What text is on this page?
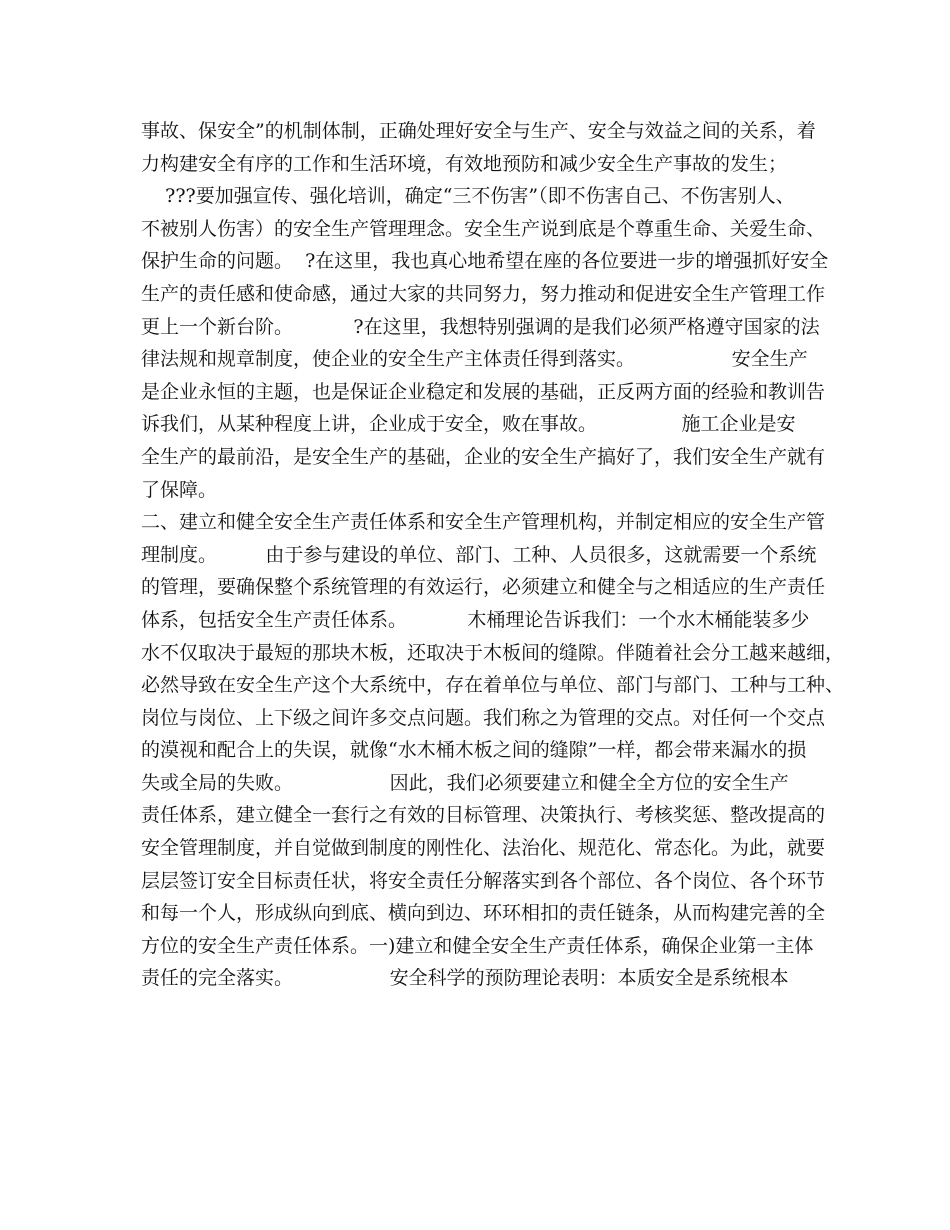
事故、保安全”的机制体制，正确处理好安全与生产、安全与效益之间的关系，着
力构建安全有序的工作和生活环境，有效地预防和减少安全生产事故的发生；
???要加强宣传、强化培训，确定“三不伤害”（即不伤害自己、不伤害别人、
不被别人伤害）的安全生产管理理念。安全生产说到底是个尊重生命、关爱生命、
保护生命的问题。  ?在这里，我也真心地希望在座的各位要进一步的增强抓好安全
生产的责任感和使命感，通过大家的共同努力，努力推动和促进安全生产管理工作
更上一个新台阶。          ?在这里，我想特别强调的是我们必须严格遵守国家的法
律法规和规章制度，使企业的安全生产主体责任得到落实。                安全生产
是企业永恒的主题，也是保证企业稳定和发展的基础，正反两方面的经验和教训告
诉我们，从某种程度上讲，企业成于安全，败在事故。              施工企业是安
全生产的最前沿，是安全生产的基础，企业的安全生产搞好了，我们安全生产就有
了保障。
二、建立和健全安全生产责任体系和安全生产管理机构，并制定相应的安全生产管
理制度。        由于参与建设的单位、部门、工种、人员很多，这就需要一个系统
的管理，要确保整个系统管理的有效运行，必须建立和健全与之相适应的生产责任
体系，包括安全生产责任体系。          木桶理论告诉我们：一个水木桶能装多少
水不仅取决于最短的那块木板，还取决于木板间的缝隙。伴随着社会分工越来越细，
必然导致在安全生产这个大系统中，存在着单位与单位、部门与部门、工种与工种、
岗位与岗位、上下级之间许多交点问题。我们称之为管理的交点。对任何一个交点
的漠视和配合上的失误，就像“水木桶木板之间的缝隙”一样，都会带来漏水的损
失或全局的失败。                因此，我们必须要建立和健全全方位的安全生产
责任体系，建立健全一套行之有效的目标管理、决策执行、考核奖惩、整改提高的
安全管理制度，并自觉做到制度的刚性化、法治化、规范化、常态化。为此，就要
层层签订安全目标责任状，将安全责任分解落实到各个部位、各个岗位、各个环节
和每一个人，形成纵向到底、横向到边、环环相扣的责任链条，从而构建完善的全
方位的安全生产责任体系。一)建立和健全安全生产责任体系，确保企业第一主体
责任的完全落实。                安全科学的预防理论表明：本质安全是系统根本
